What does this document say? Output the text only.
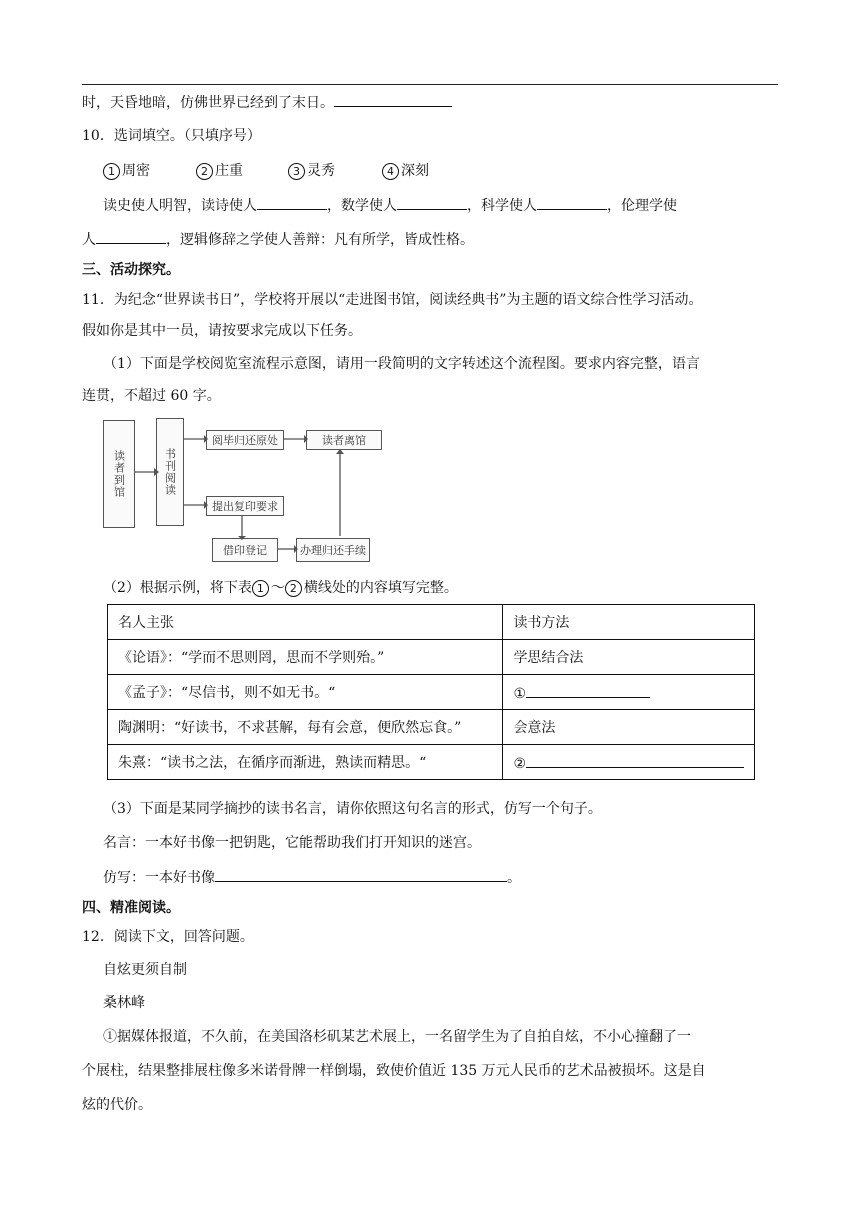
时，天昏地暗，仿佛世界已经到了末日。
10．选词填空。（只填序号）
1 周密	2 庄重	3 灵秀	4 深刻
读史使人明智，读诗使人	，数学使人	，科学使人	，伦理学使
人	，逻辑修辞之学使人善辩：凡有所学，皆成性格。
三、活动探究。
11．为纪念“世界读书日”，学校将开展以“走进图书馆，阅读经典书”为主题的语文综合性学习活动。
假如你是其中一员，请按要求完成以下任务。
（1）下面是学校阅览室流程示意图，请用一段简明的文字转述这个流程图。要求内容完整，语言
连贯，不超过 60 字。
读者到馆	书刊阅读
阅毕归还原处	读者离馆
提出复印要求
借印登记	办理归还手续
（2）根据示例，将下表 1 ～ 2 横线处的内容填写完整。
名人主张	读书方法
《论语》：“学而不思则罔，思而不学则殆。”	学思结合法
《孟子》：“尽信书，则不如无书。“	①
陶渊明：“好读书，不求甚解，每有会意，便欣然忘食。”	会意法
朱熹：“读书之法，在循序而渐进，熟读而精思。“	②
（3）下面是某同学摘抄的读书名言，请你依照这句名言的形式，仿写一个句子。
名言：一本好书像一把钥匙，它能帮助我们打开知识的迷宫。
仿写：一本好书像	。
四、精准阅读。
12．阅读下文，回答问题。
自炫更须自制
桑林峰
①据媒体报道，不久前，在美国洛杉矶某艺术展上，一名留学生为了自拍自炫，不小心撞翻了一
个展柱，结果整排展柱像多米诺骨牌一样倒塌，致使价值近 135 万元人民币的艺术品被损坏。这是自
炫的代价。
